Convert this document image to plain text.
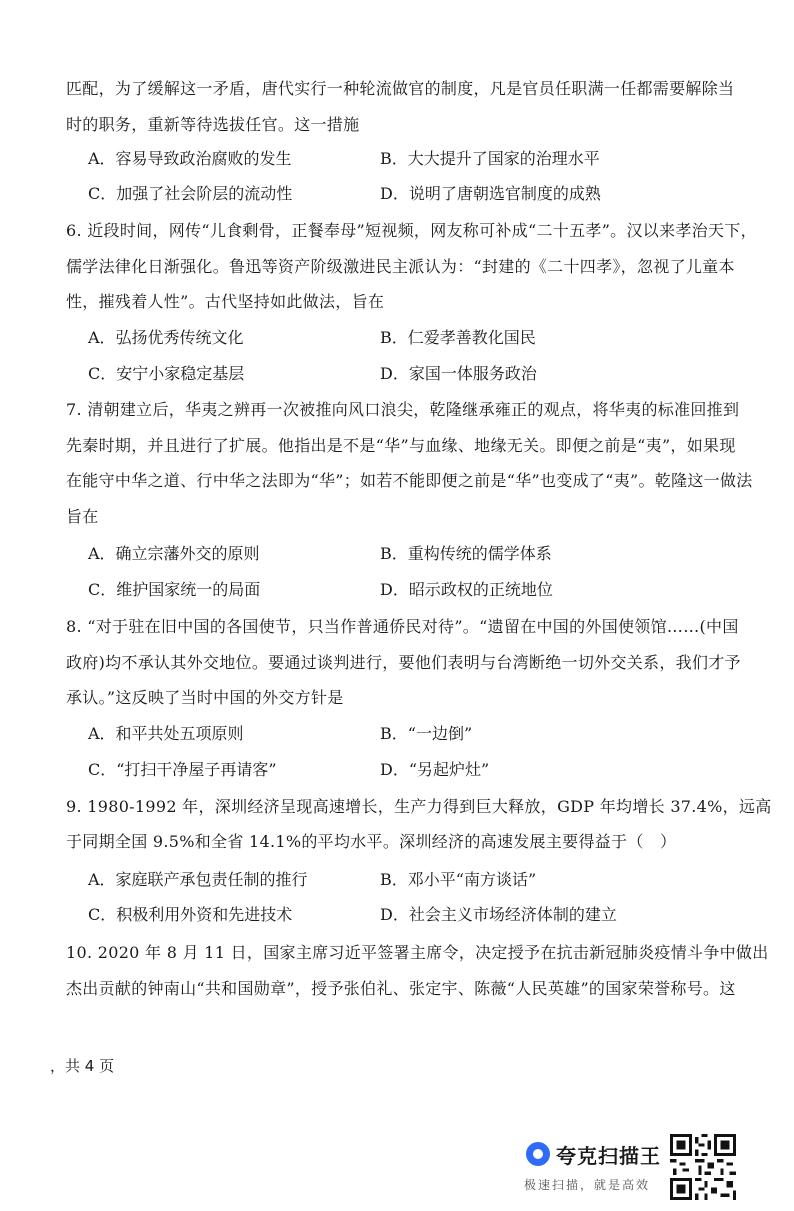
匹配，为了缓解这一矛盾，唐代实行一种轮流做官的制度，凡是官员任职满一任都需要解除当
时的职务，重新等待选拔任官。这一措施
A．容易导致政治腐败的发生	B．大大提升了国家的治理水平
C．加强了社会阶层的流动性	D．说明了唐朝选官制度的成熟
6. 近段时间，网传“儿食剩骨，正餐奉母”短视频，网友称可补成“二十五孝”。汉以来孝治天下，
儒学法律化日渐强化。鲁迅等资产阶级激进民主派认为：“封建的《二十四孝》，忽视了儿童本
性，摧残着人性”。古代坚持如此做法，旨在
A．弘扬优秀传统文化	B．仁爱孝善教化国民
C．安宁小家稳定基层	D．家国一体服务政治
7. 清朝建立后，华夷之辨再一次被推向风口浪尖，乾隆继承雍正的观点，将华夷的标准回推到
先秦时期，并且进行了扩展。他指出是不是“华”与血缘、地缘无关。即便之前是“夷”，如果现
在能守中华之道、行中华之法即为“华”；如若不能即便之前是“华”也变成了“夷”。乾隆这一做法
旨在
A．确立宗藩外交的原则	B．重构传统的儒学体系
C．维护国家统一的局面	D．昭示政权的正统地位
8. “对于驻在旧中国的各国使节，只当作普通侨民对待”。“遗留在中国的外国使领馆……(中国
政府)均不承认其外交地位。要通过谈判进行，要他们表明与台湾断绝一切外交关系，我们才予
承认。”这反映了当时中国的外交方针是
A．和平共处五项原则	B．“一边倒”
C．“打扫干净屋子再请客”	D．“另起炉灶”
9. 1980-1992 年，深圳经济呈现高速增长，生产力得到巨大释放，GDP 年均增长 37.4%，远高
于同期全国 9.5%和全省 14.1%的平均水平。深圳经济的高速发展主要得益于（　）
A．家庭联产承包责任制的推行	B．邓小平“南方谈话”
C．积极利用外资和先进技术	D．社会主义市场经济体制的建立
10. 2020 年 8 月 11 日，国家主席习近平签署主席令，决定授予在抗击新冠肺炎疫情斗争中做出
杰出贡献的钟南山“共和国勋章”，授予张伯礼、张定宇、陈薇“人民英雄”的国家荣誉称号。这
，共 4 页
夸克扫描王
极速扫描，就是高效
